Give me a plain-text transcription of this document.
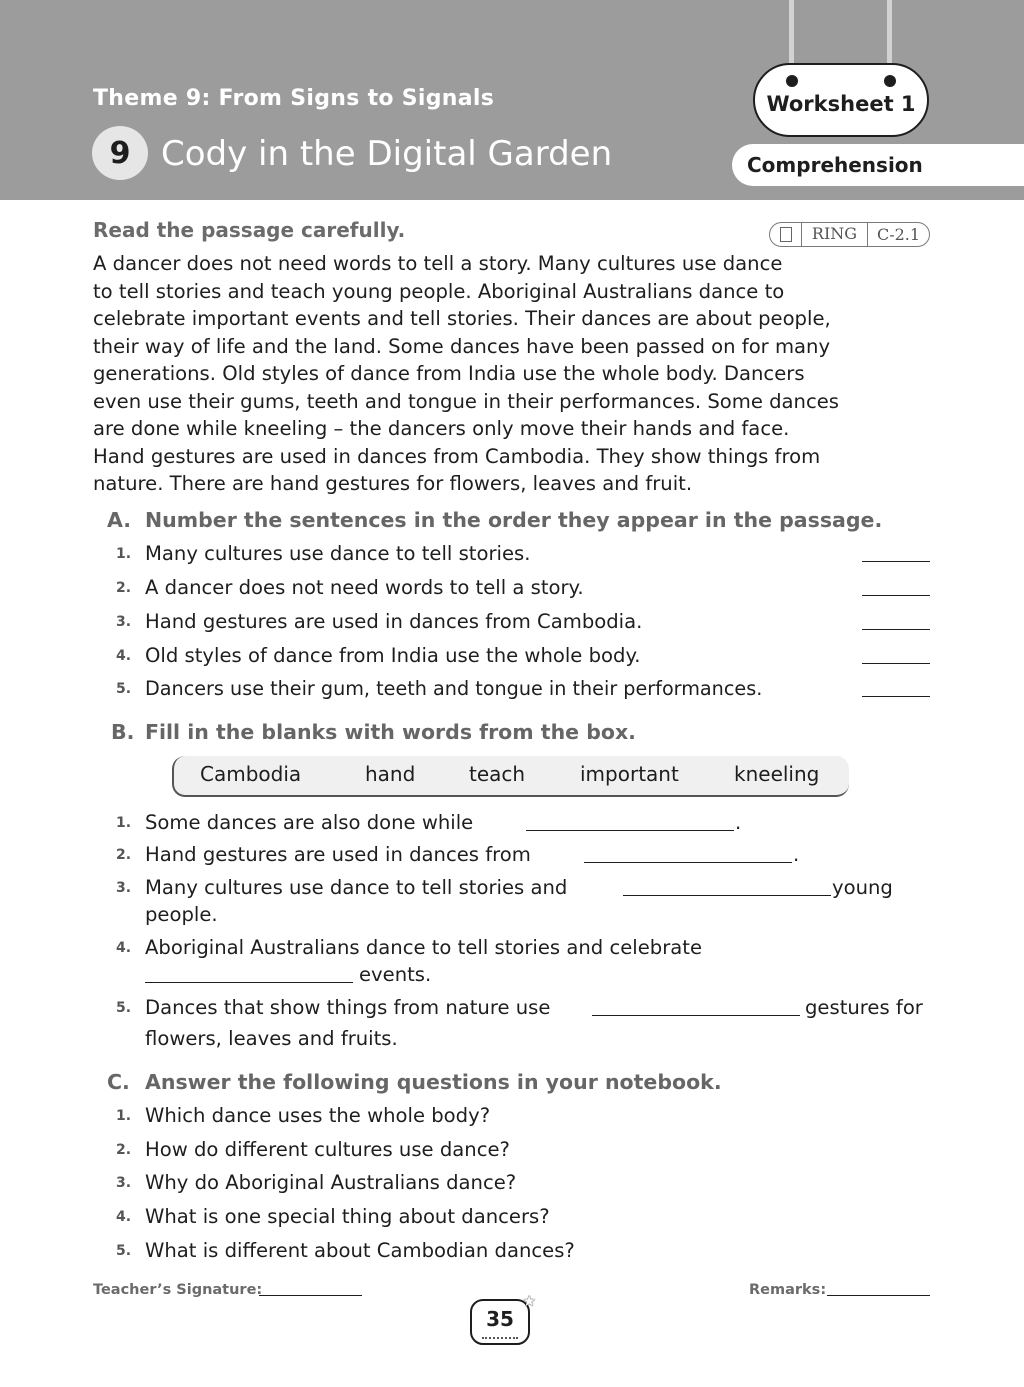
Theme 9: From Signs to Signals
9 Cody in the Digital Garden
Worksheet 1
Comprehension
Read the passage carefully.	RING	C-2.1
A dancer does not need words to tell a story. Many cultures use dance
to tell stories and teach young people. Aboriginal Australians dance to
celebrate important events and tell stories. Their dances are about people,
their way of life and the land. Some dances have been passed on for many
generations. Old styles of dance from India use the whole body. Dancers
even use their gums, teeth and tongue in their performances. Some dances
are done while kneeling – the dancers only move their hands and face.
Hand gestures are used in dances from Cambodia. They show things from
nature. There are hand gestures for flowers, leaves and fruit.
A. Number the sentences in the order they appear in the passage.
1. Many cultures use dance to tell stories.
2. A dancer does not need words to tell a story.
3. Hand gestures are used in dances from Cambodia.
4. Old styles of dance from India use the whole body.
5. Dancers use their gum, teeth and tongue in their performances.
B. Fill in the blanks with words from the box.
Cambodia	hand	teach	important	kneeling
1. Some dances are also done while	.
2. Hand gestures are used in dances from	.
3. Many cultures use dance to tell stories and	young
people.
4. Aboriginal Australians dance to tell stories and celebrate
events.
5. Dances that show things from nature use	gestures for
flowers, leaves and fruits.
C. Answer the following questions in your notebook.
1. Which dance uses the whole body?
2. How do different cultures use dance?
3. Why do Aboriginal Australians dance?
4. What is one special thing about dancers?
5. What is different about Cambodian dances?
Teacher’s Signature:	Remarks:
35
★
